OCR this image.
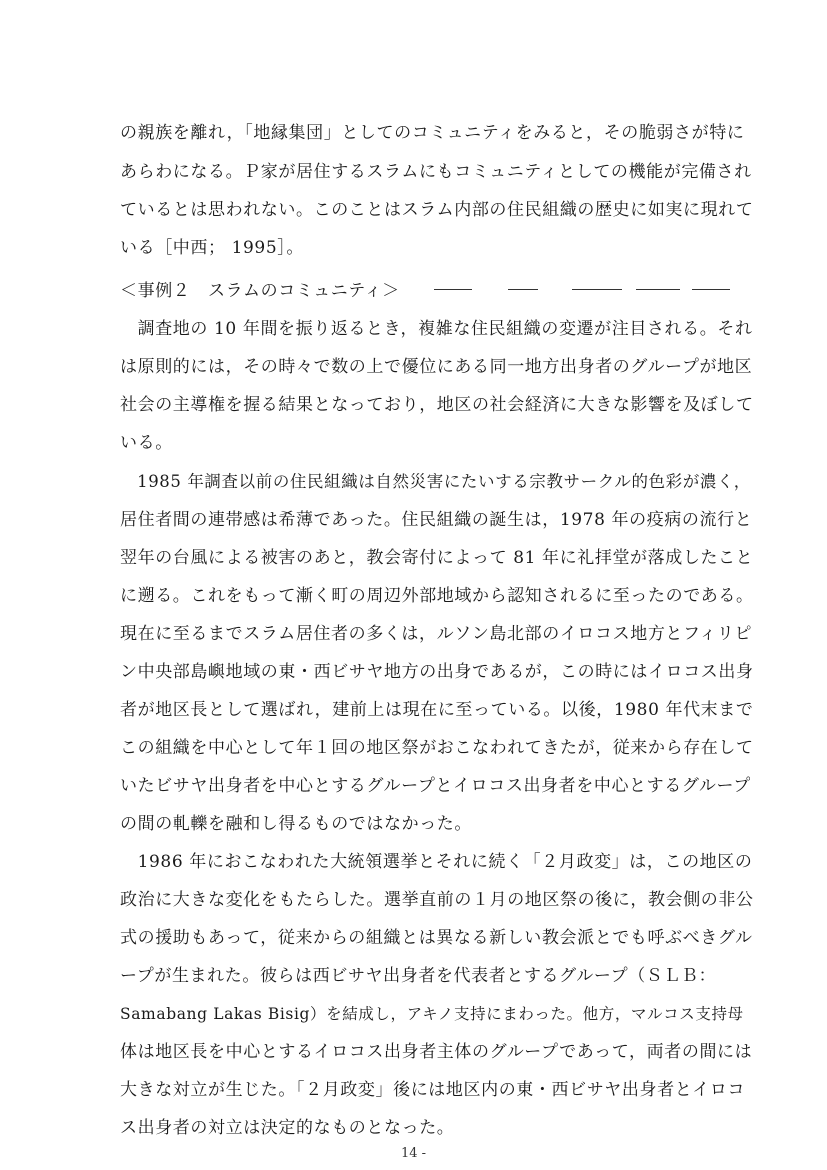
の親族を離れ，「地縁集団」としてのコミュニティをみると，その脆弱さが特に
あらわになる。Ｐ家が居住するスラムにもコミュニティとしての機能が完備され
ているとは思われない。このことはスラム内部の住民組織の歴史に如実に現れて
いる［中西； 1995］。
＜事例２　スラムのコミュニティ＞
　調査地の 10 年間を振り返るとき，複雑な住民組織の変遷が注目される。それ
は原則的には，その時々で数の上で優位にある同一地方出身者のグループが地区
社会の主導権を握る結果となっており，地区の社会経済に大きな影響を及ぼして
いる。
　1985 年調査以前の住民組織は自然災害にたいする宗教サークル的色彩が濃く，
居住者間の連帯感は希薄であった。住民組織の誕生は，1978 年の疫病の流行と
翌年の台風による被害のあと，教会寄付によって 81 年に礼拝堂が落成したこと
に遡る。これをもって漸く町の周辺外部地域から認知されるに至ったのである。
現在に至るまでスラム居住者の多くは，ルソン島北部のイロコス地方とフィリピ
ン中央部島嶼地域の東・西ビサヤ地方の出身であるが，この時にはイロコス出身
者が地区長として選ばれ，建前上は現在に至っている。以後，1980 年代末まで
この組織を中心として年１回の地区祭がおこなわれてきたが，従来から存在して
いたビサヤ出身者を中心とするグループとイロコス出身者を中心とするグループ
の間の軋轢を融和し得るものではなかった。
　1986 年におこなわれた大統領選挙とそれに続く「２月政変」は，この地区の
政治に大きな変化をもたらした。選挙直前の１月の地区祭の後に，教会側の非公
式の援助もあって，従来からの組織とは異なる新しい教会派とでも呼ぶべきグル
ープが生まれた。彼らは西ビサヤ出身者を代表者とするグループ（ＳＬＢ：
Samabang Lakas Bisig）を結成し，アキノ支持にまわった。他方，マルコス支持母
体は地区長を中心とするイロコス出身者主体のグループであって，両者の間には
大きな対立が生じた。「２月政変」後には地区内の東・西ビサヤ出身者とイロコ
ス出身者の対立は決定的なものとなった。
14 -
